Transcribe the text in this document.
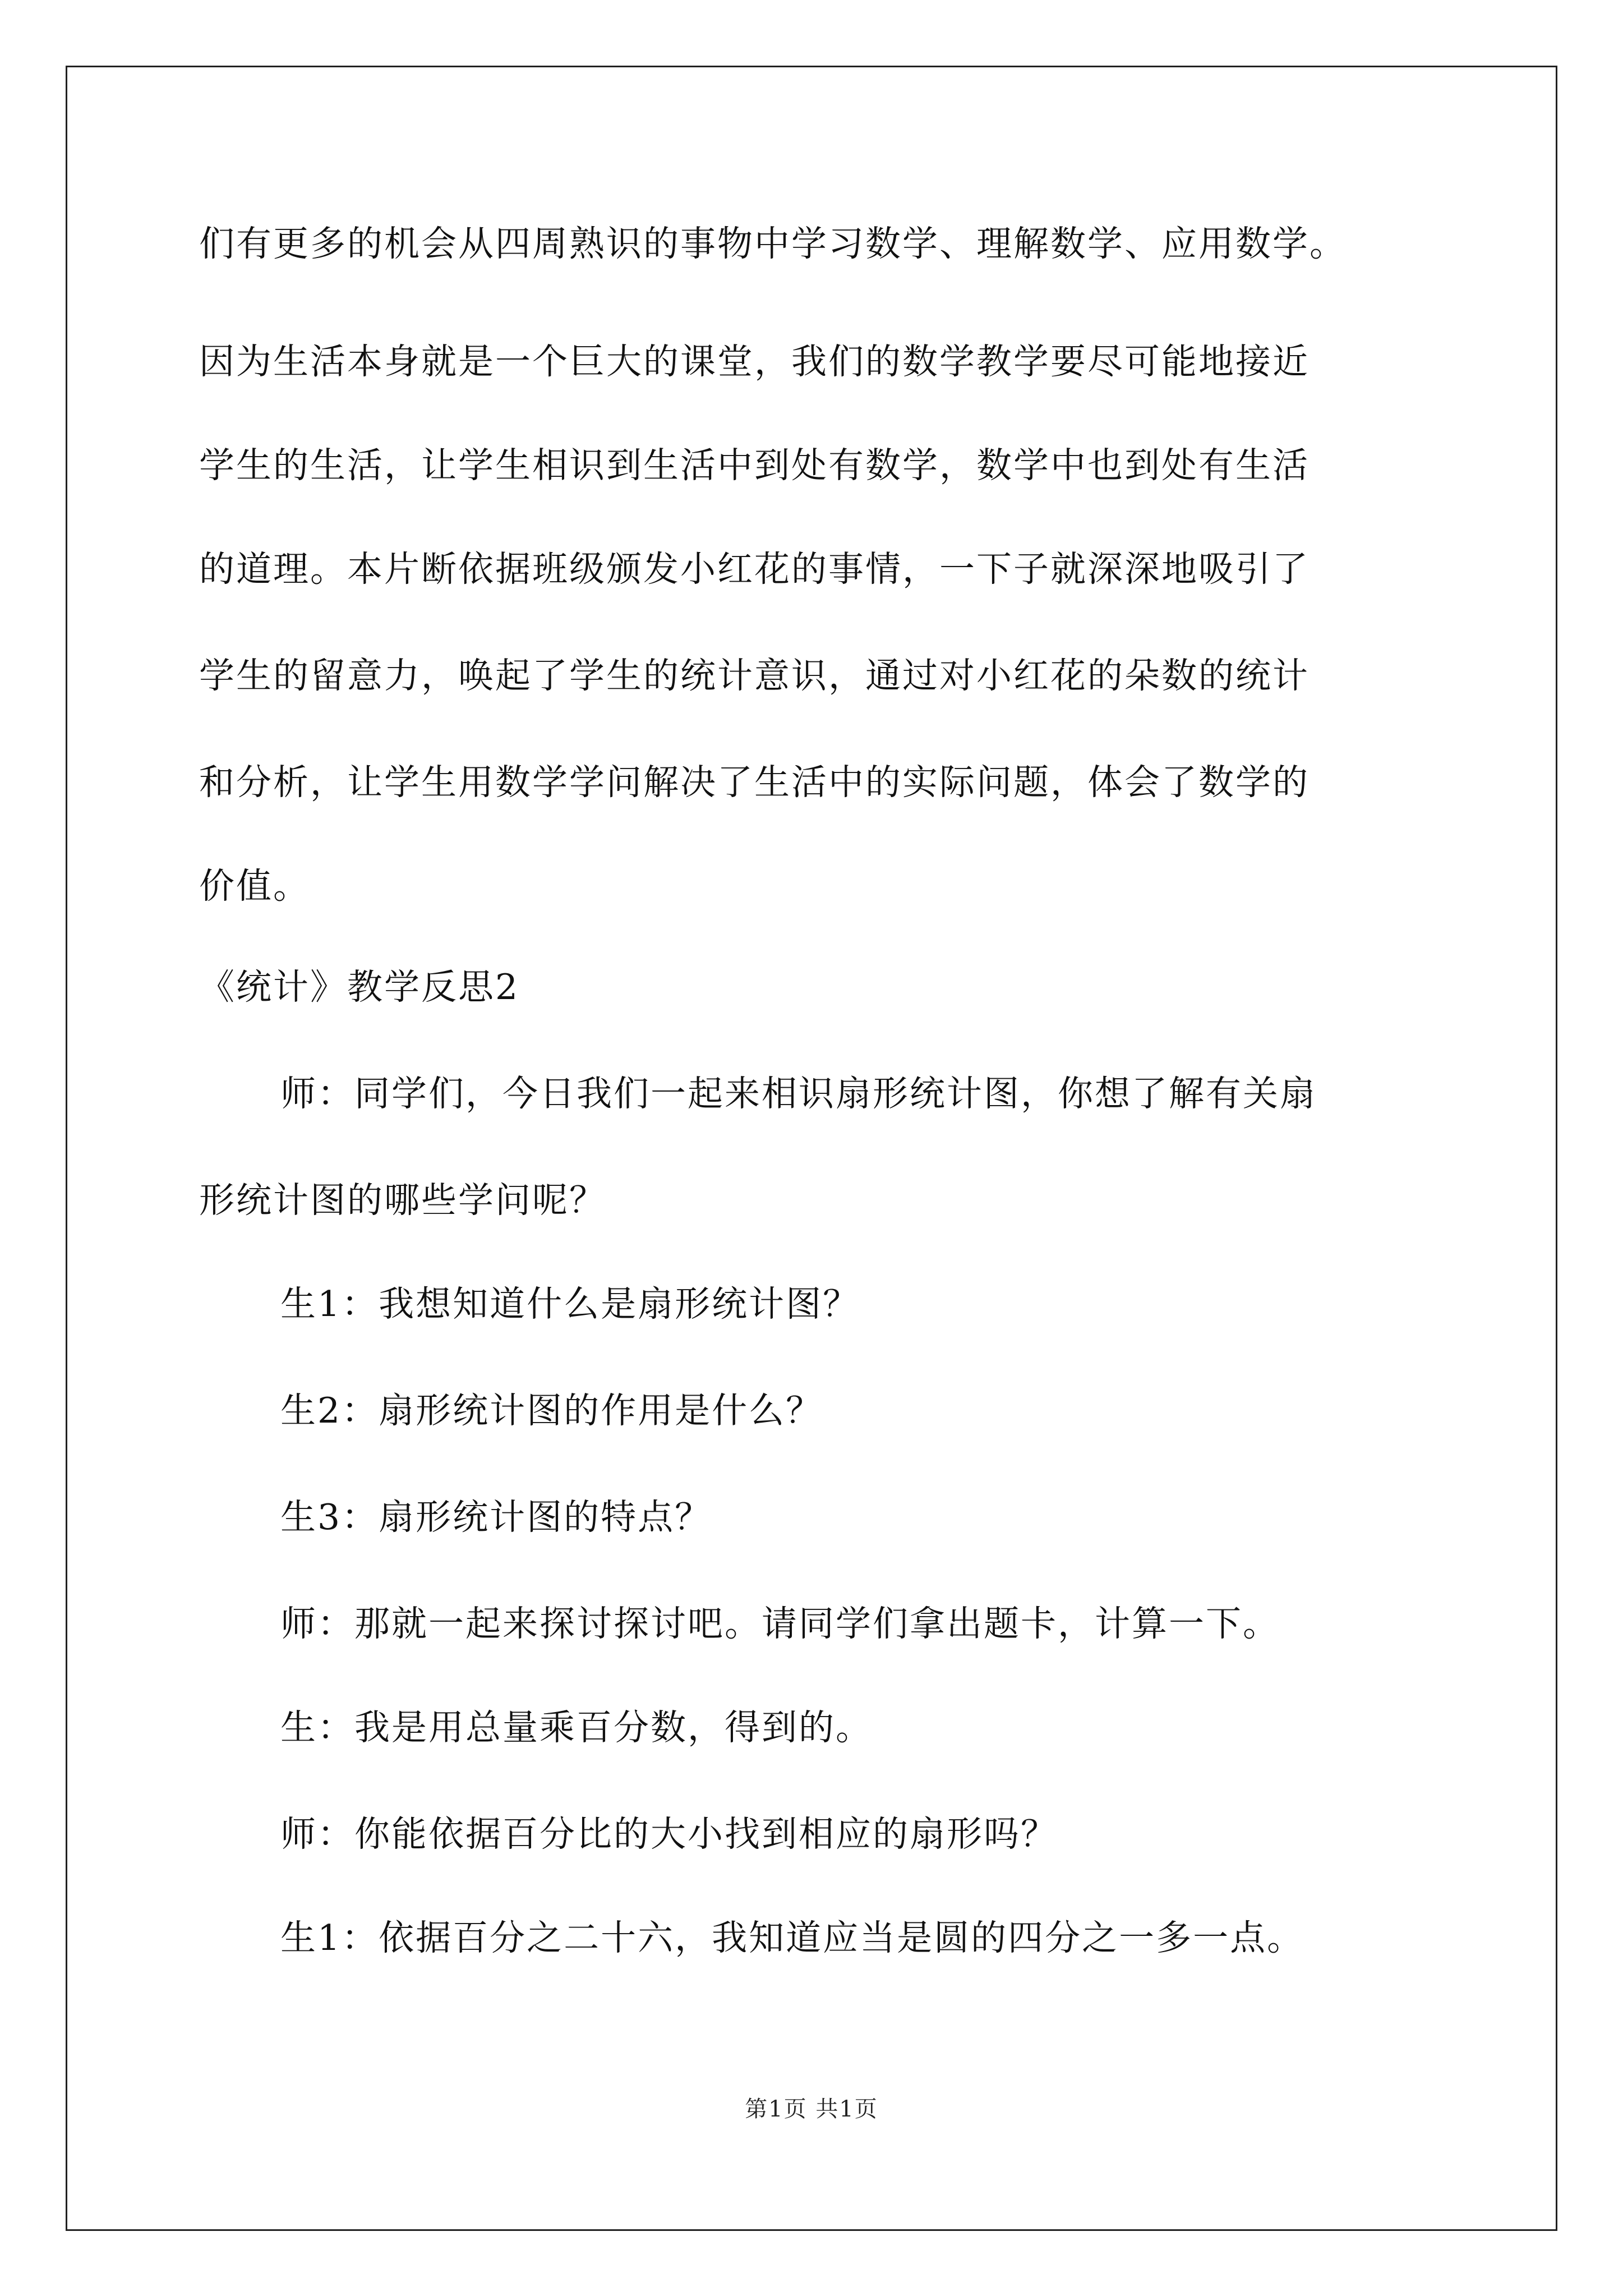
们有更多的机会从四周熟识的事物中学习数学、理解数学、应用数学。

因为生活本身就是一个巨大的课堂，我们的数学教学要尽可能地接近

学生的生活，让学生相识到生活中到处有数学，数学中也到处有生活

的道理。本片断依据班级颁发小红花的事情，一下子就深深地吸引了

学生的留意力，唤起了学生的统计意识，通过对小红花的朵数的统计

和分析，让学生用数学学问解决了生活中的实际问题，体会了数学的

价值。

《统计》教学反思2

师：同学们，今日我们一起来相识扇形统计图，你想了解有关扇

形统计图的哪些学问呢？

生1：我想知道什么是扇形统计图？

生2：扇形统计图的作用是什么？

生3：扇形统计图的特点？

师：那就一起来探讨探讨吧。请同学们拿出题卡，计算一下。

生：我是用总量乘百分数，得到的。

师：你能依据百分比的大小找到相应的扇形吗？

生1：依据百分之二十六，我知道应当是圆的四分之一多一点。

第1页 共1页
